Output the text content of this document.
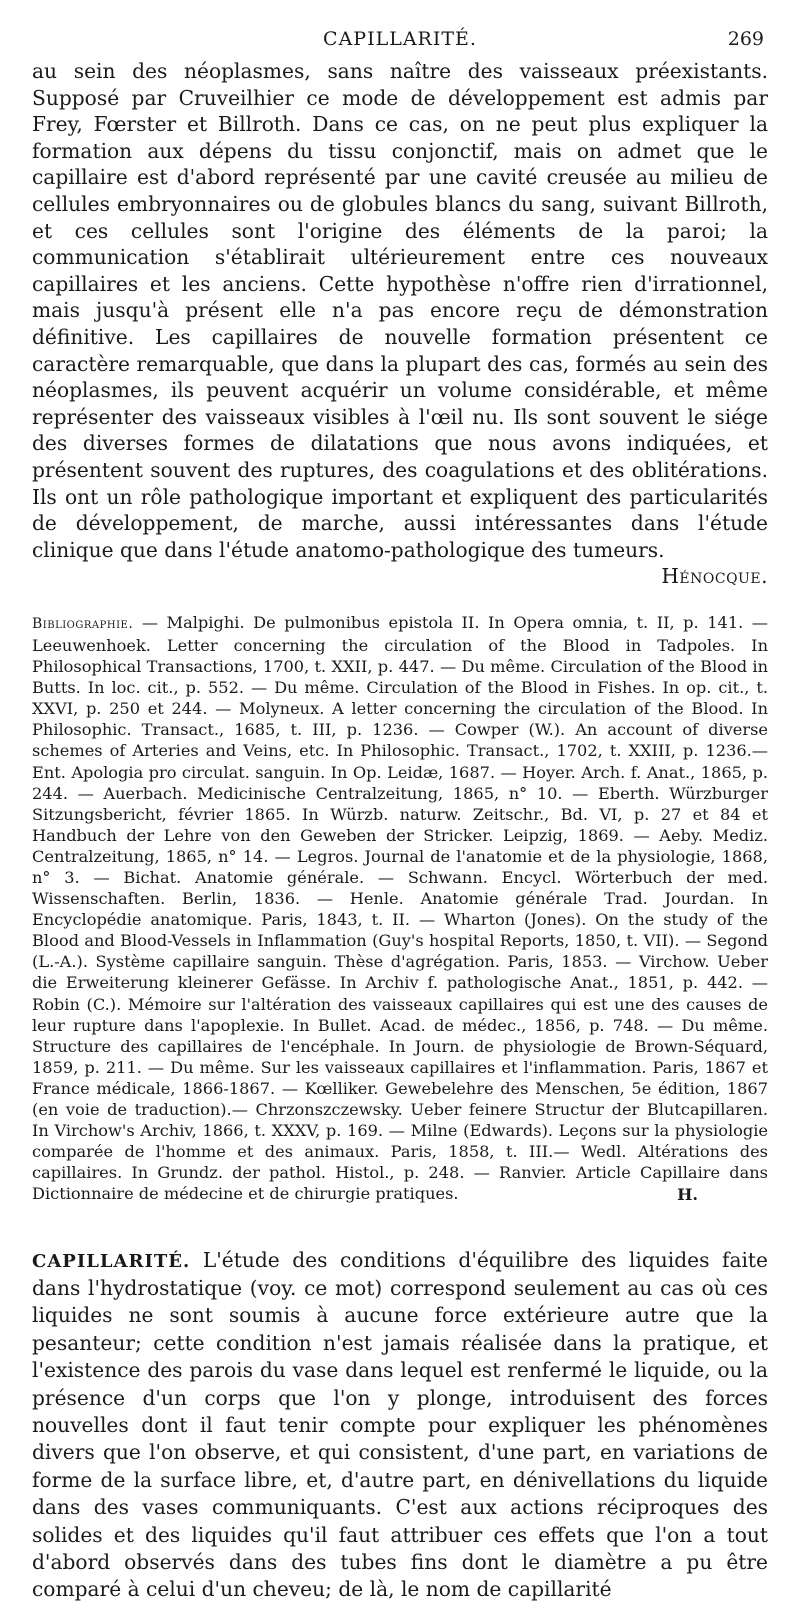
CAPILLARITÉ.	269

au sein des néoplasmes, sans naître des vaisseaux préexistants. Supposé par Cruveilhier ce mode de développement est admis par Frey, Fœrster et Billroth. Dans ce cas, on ne peut plus expliquer la formation aux dépens du tissu conjonctif, mais on admet que le capillaire est d'abord représenté par une cavité creusée au milieu de cellules embryonnaires ou de globules blancs du sang, suivant Billroth, et ces cellules sont l'origine des éléments de la paroi; la communication s'établirait ultérieurement entre ces nouveaux capillaires et les anciens. Cette hypothèse n'offre rien d'irrationnel, mais jusqu'à présent elle n'a pas encore reçu de démonstration définitive. Les capillaires de nouvelle formation présentent ce caractère remarquable, que dans la plupart des cas, formés au sein des néoplasmes, ils peuvent acquérir un volume considérable, et même représenter des vaisseaux visibles à l'œil nu. Ils sont souvent le siége des diverses formes de dilatations que nous avons indiquées, et présentent souvent des ruptures, des coagulations et des oblitérations. Ils ont un rôle pathologique important et expliquent des particularités de développement, de marche, aussi intéressantes dans l'étude clinique que dans l'étude anatomo-pathologique des tumeurs.

Hénocque.
Bibliographie. — Malpighi. De pulmonibus epistola II. In Opera omnia, t. II, p. 141. — Leeuwenhoek. Letter concerning the circulation of the Blood in Tadpoles. In Philosophical Transactions, 1700, t. XXII, p. 447. — Du même. Circulation of the Blood in Butts. In loc. cit., p. 552. — Du même. Circulation of the Blood in Fishes. In op. cit., t. XXVI, p. 250 et 244. — Molyneux. A letter concerning the circulation of the Blood. In Philosophic. Transact., 1685, t. III, p. 1236. — Cowper (W.). An account of diverse schemes of Arteries and Veins, etc. In Philosophic. Transact., 1702, t. XXIII, p. 1236.— Ent. Apologia pro circulat. sanguin. In Op. Leidæ, 1687. — Hoyer. Arch. f. Anat., 1865, p. 244. — Auerbach. Medicinische Centralzeitung, 1865, n° 10. — Eberth. Würzburger Sitzungsbericht, février 1865. In Würzb. naturw. Zeitschr., Bd. VI, p. 27 et 84 et Handbuch der Lehre von den Geweben der Stricker. Leipzig, 1869. — Aeby. Mediz. Centralzeitung, 1865, n° 14. — Legros. Journal de l'anatomie et de la physiologie, 1868, n° 3. — Bichat. Anatomie générale. — Schwann. Encycl. Wörterbuch der med. Wissenschaften. Berlin, 1836. — Henle. Anatomie générale Trad. Jourdan. In Encyclopédie anatomique. Paris, 1843, t. II. — Wharton (Jones). On the study of the Blood and Blood-Vessels in Inflammation (Guy's hospital Reports, 1850, t. VII). — Segond (L.-A.). Système capillaire sanguin. Thèse d'agrégation. Paris, 1853. — Virchow. Ueber die Erweiterung kleinerer Gefässe. In Archiv f. pathologische Anat., 1851, p. 442. — Robin (C.). Mémoire sur l'altération des vaisseaux capillaires qui est une des causes de leur rupture dans l'apoplexie. In Bullet. Acad. de médec., 1856, p. 748. — Du même. Structure des capillaires de l'encéphale. In Journ. de physiologie de Brown-Séquard, 1859, p. 211. — Du même. Sur les vaisseaux capillaires et l'inflammation. Paris, 1867 et France médicale, 1866-1867. — Kœlliker. Gewebelehre des Menschen, 5e édition, 1867 (en voie de traduction).— Chrzonszczewsky. Ueber feinere Structur der Blutcapillaren. In Virchow's Archiv, 1866, t. XXXV, p. 169. — Milne (Edwards). Leçons sur la physiologie comparée de l'homme et des animaux. Paris, 1858, t. III.— Wedl. Altérations des capillaires. In Grundz. der pathol. Histol., p. 248. — Ranvier. Article Capillaire dans Dictionnaire de médecine et de chirurgie pratiques.	H.
CAPILLARITÉ. L'étude des conditions d'équilibre des liquides faite dans l'hydrostatique (voy. ce mot) correspond seulement au cas où ces liquides ne sont soumis à aucune force extérieure autre que la pesanteur; cette condition n'est jamais réalisée dans la pratique, et l'existence des parois du vase dans lequel est renfermé le liquide, ou la présence d'un corps que l'on y plonge, introduisent des forces nouvelles dont il faut tenir compte pour expliquer les phénomènes divers que l'on observe, et qui consistent, d'une part, en variations de forme de la surface libre, et, d'autre part, en dénivellations du liquide dans des vases communiquants. C'est aux actions réciproques des solides et des liquides qu'il faut attribuer ces effets que l'on a tout d'abord observés dans des tubes fins dont le diamètre a pu être comparé à celui d'un cheveu; de là, le nom de capillarité
